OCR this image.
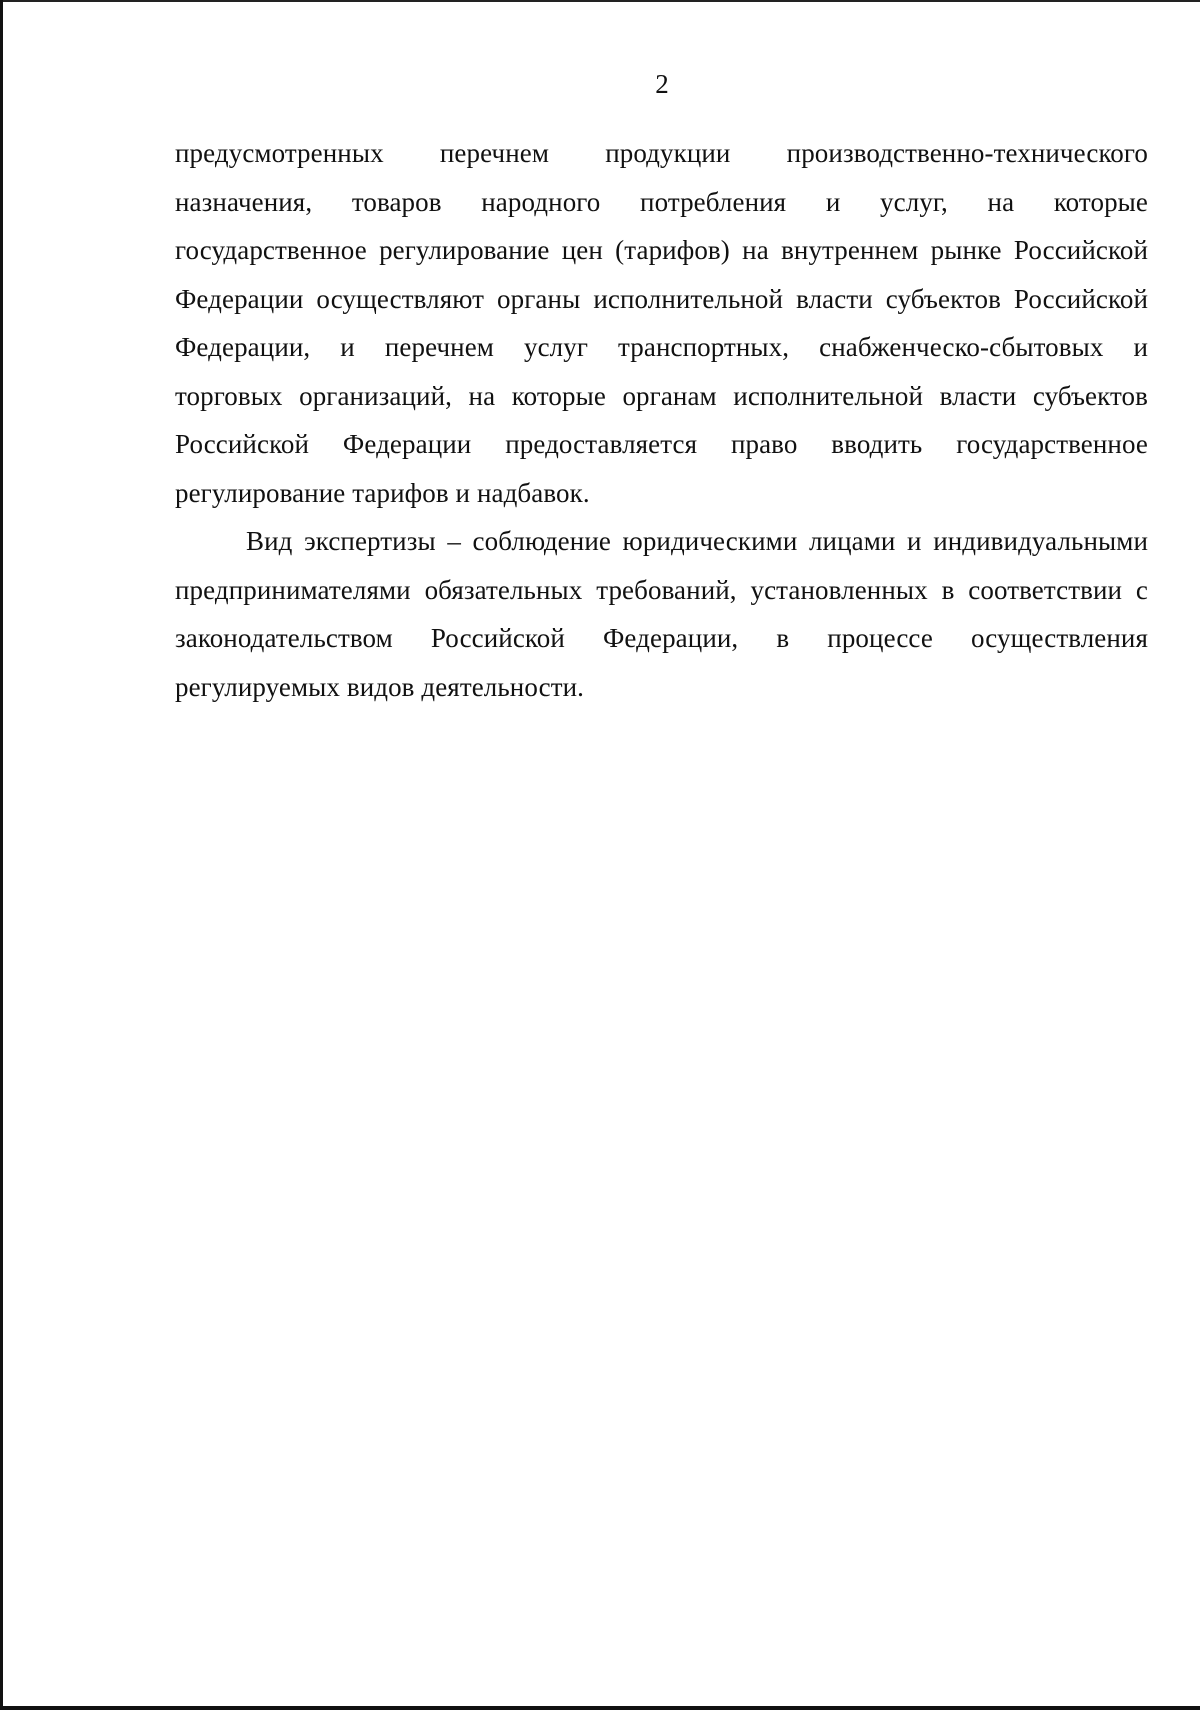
2

предусмотренных перечнем продукции производственно-технического
назначения, товаров народного потребления и услуг, на которые
государственное регулирование цен (тарифов) на внутреннем рынке Российской
Федерации осуществляют органы исполнительной власти субъектов Российской
Федерации, и перечнем услуг транспортных, снабженческо-сбытовых и
торговых организаций, на которые органам исполнительной власти субъектов
Российской Федерации предоставляется право вводить государственное
регулирование тарифов и надбавок.

Вид экспертизы – соблюдение юридическими лицами и индивидуальными
предпринимателями обязательных требований, установленных в соответствии с
законодательством Российской Федерации, в процессе осуществления
регулируемых видов деятельности.
